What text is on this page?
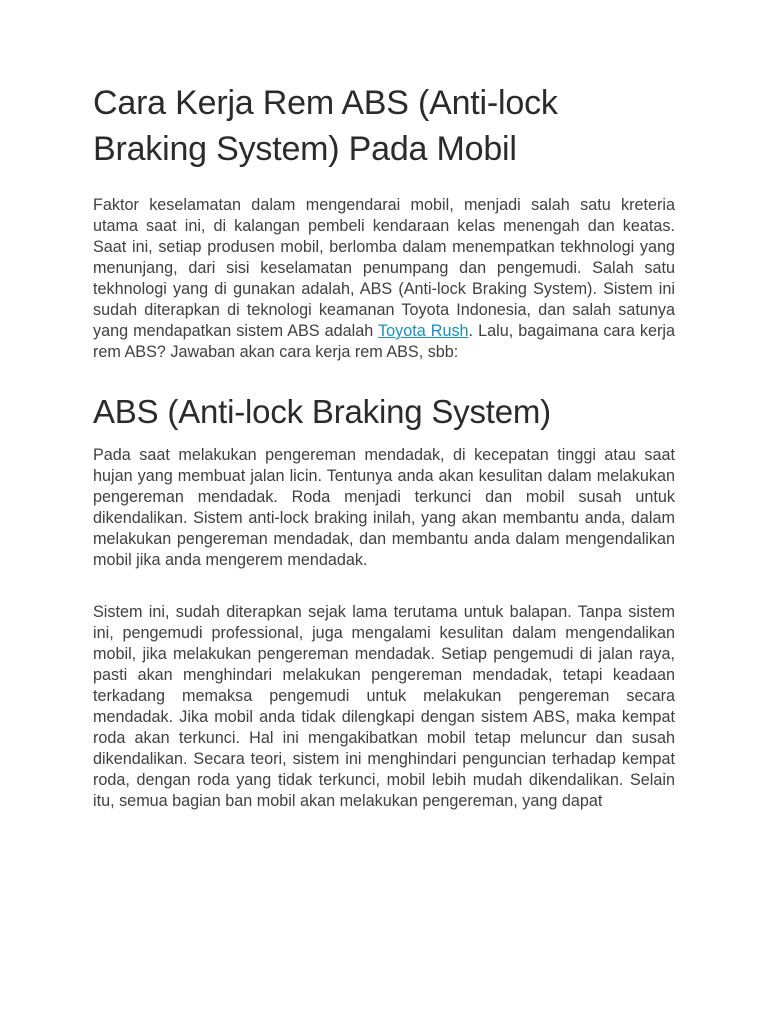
Cara Kerja Rem ABS (Anti-lock Braking System) Pada Mobil

Faktor keselamatan dalam mengendarai mobil, menjadi salah satu kreteria utama saat ini, di kalangan pembeli kendaraan kelas menengah dan keatas. Saat ini, setiap produsen mobil, berlomba dalam menempatkan tekhnologi yang menunjang, dari sisi keselamatan penumpang dan pengemudi. Salah satu tekhnologi yang di gunakan adalah, ABS (Anti-lock Braking System). Sistem ini sudah diterapkan di teknologi keamanan Toyota Indonesia, dan salah satunya yang mendapatkan sistem ABS adalah Toyota Rush. Lalu, bagaimana cara kerja rem ABS? Jawaban akan cara kerja rem ABS, sbb:

ABS (Anti-lock Braking System)

Pada saat melakukan pengereman mendadak, di kecepatan tinggi atau saat hujan yang membuat jalan licin. Tentunya anda akan kesulitan dalam melakukan pengereman mendadak. Roda menjadi terkunci dan mobil susah untuk dikendalikan. Sistem anti-lock braking inilah, yang akan membantu anda, dalam melakukan pengereman mendadak, dan membantu anda dalam mengendalikan mobil jika anda mengerem mendadak.

Sistem ini, sudah diterapkan sejak lama terutama untuk balapan. Tanpa sistem ini, pengemudi professional, juga mengalami kesulitan dalam mengendalikan mobil, jika melakukan pengereman mendadak. Setiap pengemudi di jalan raya, pasti akan menghindari melakukan pengereman mendadak, tetapi keadaan terkadang memaksa pengemudi untuk melakukan pengereman secara mendadak. Jika mobil anda tidak dilengkapi dengan sistem ABS, maka kempat roda akan terkunci. Hal ini mengakibatkan mobil tetap meluncur dan susah dikendalikan. Secara teori, sistem ini menghindari penguncian terhadap kempat roda, dengan roda yang tidak terkunci, mobil lebih mudah dikendalikan. Selain itu, semua bagian ban mobil akan melakukan pengereman, yang dapat
